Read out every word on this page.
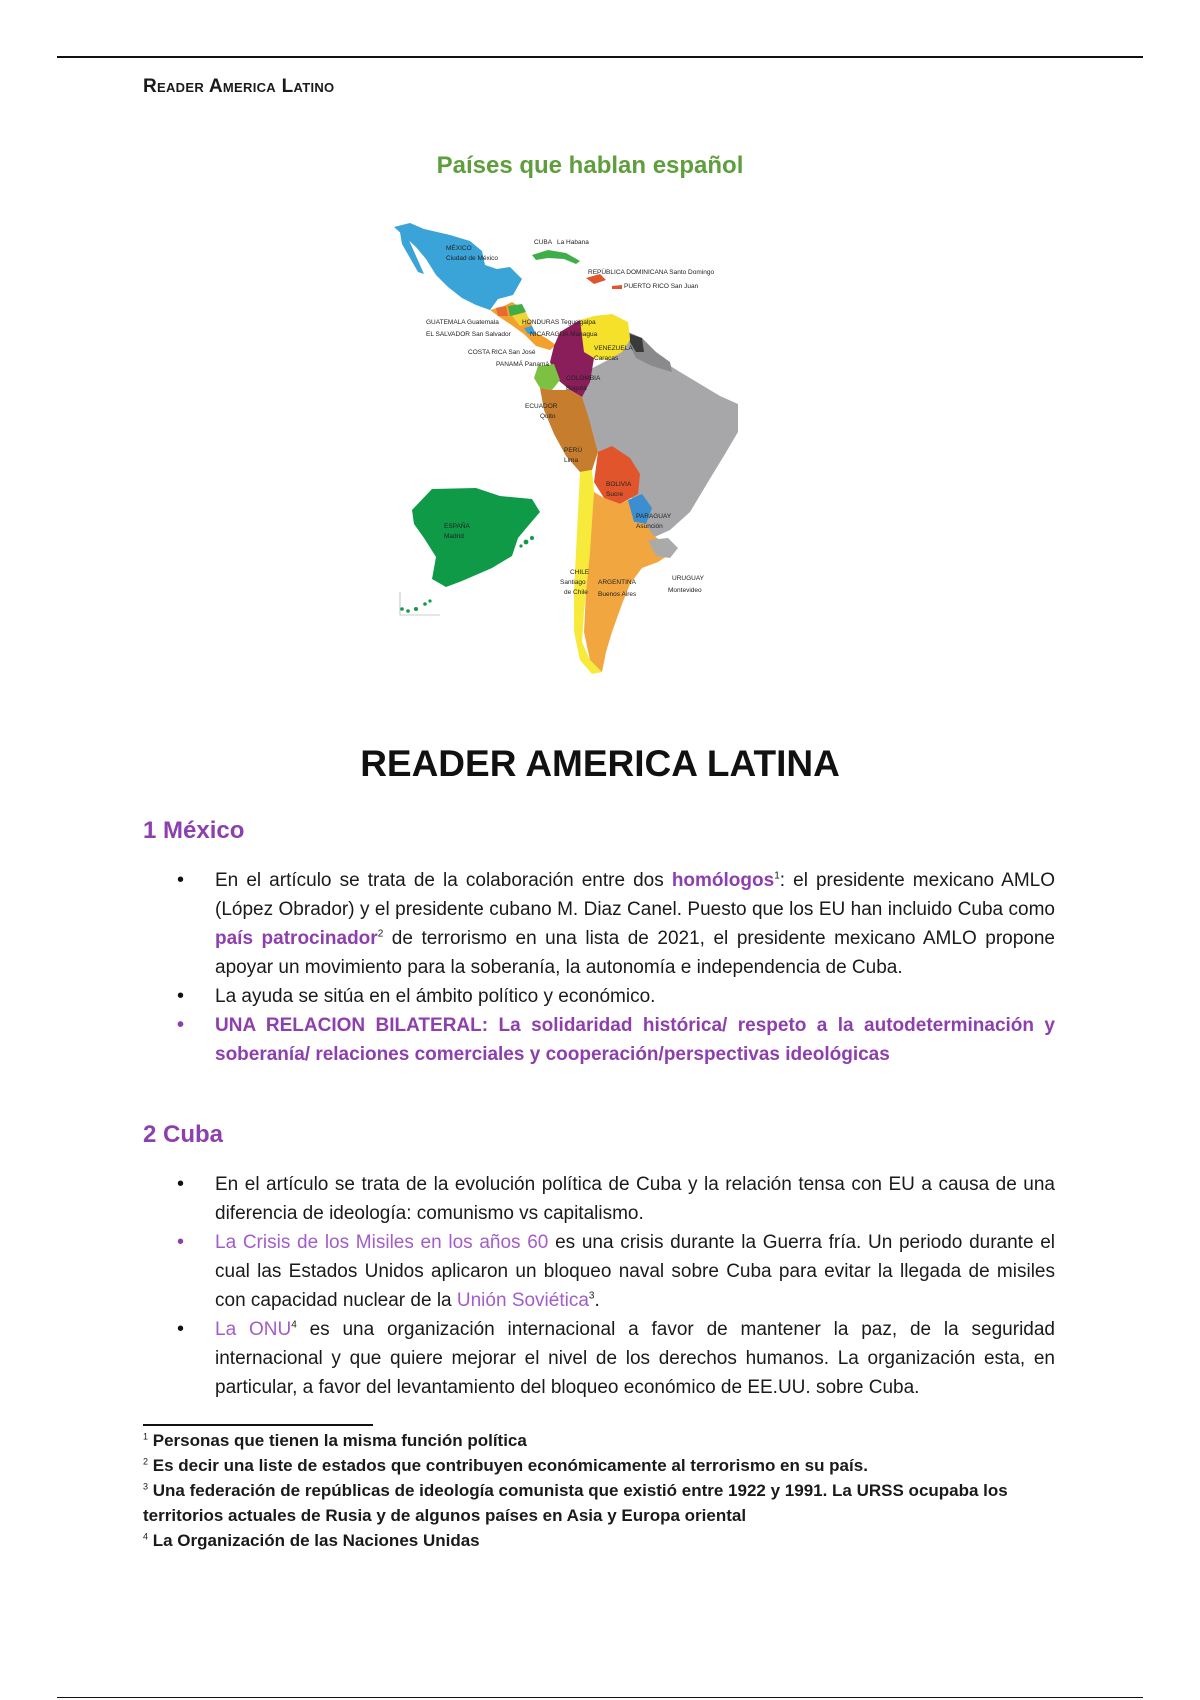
Reader America Latino
Países que hablan español
MÉXICO
Ciudad de México
CUBA La Habana
REPÚBLICA DOMINICANA Santo Domingo
PUERTO RICO San Juan
GUATEMALA Guatemala	HONDURAS Tegucigalpa
EL SALVADOR San Salvador	NICARAGUA Managua
COSTA RICA San José
PANAMÁ Panamá
VENEZUELA
Caracas
COLOMBIA
Bogotá
ECUADOR
Quito
PERÚ
Lima
BOLIVIA
Sucre
PARAGUAY
Asunción
CHILE
Santiago
de Chile
ARGENTINA
Buenos Aires
URUGUAY
Montevideo
ESPAÑA
Madrid
READER AMERICA LATINA
1 México
• En el artículo se trata de la colaboración entre dos homólogos$^1$: el presidente mexicano AMLO (López Obrador) y el presidente cubano M. Diaz Canel. Puesto que los EU han incluido Cuba como país patrocinador$^2$ de terrorismo en una lista de 2021, el presidente mexicano AMLO propone apoyar un movimiento para la soberanía, la autonomía e independencia de Cuba.
• La ayuda se sitúa en el ámbito político y económico.
• UNA RELACION BILATERAL: La solidaridad histórica/ respeto a la autodeterminación y soberanía/ relaciones comerciales y cooperación/perspectivas ideológicas
2 Cuba
• En el artículo se trata de la evolución política de Cuba y la relación tensa con EU a causa de una diferencia de ideología: comunismo vs capitalismo.
• La Crisis de los Misiles en los años 60 es una crisis durante la Guerra fría. Un periodo durante el cual las Estados Unidos aplicaron un bloqueo naval sobre Cuba para evitar la llegada de misiles con capacidad nuclear de la Unión Soviética$^3$.
• La ONU$^4$ es una organización internacional a favor de mantener la paz, de la seguridad internacional y que quiere mejorar el nivel de los derechos humanos. La organización esta, en particular, a favor del levantamiento del bloqueo económico de EE.UU. sobre Cuba.

$^1$ Personas que tienen la misma función política

$^2$ Es decir una liste de estados que contribuyen económicamente al terrorismo en su país.

$^3$ Una federación de repúblicas de ideología comunista que existió entre 1922 y 1991. La URSS ocupaba los territorios actuales de Rusia y de algunos países en Asia y Europa oriental

$^4$ La Organización de las Naciones Unidas
